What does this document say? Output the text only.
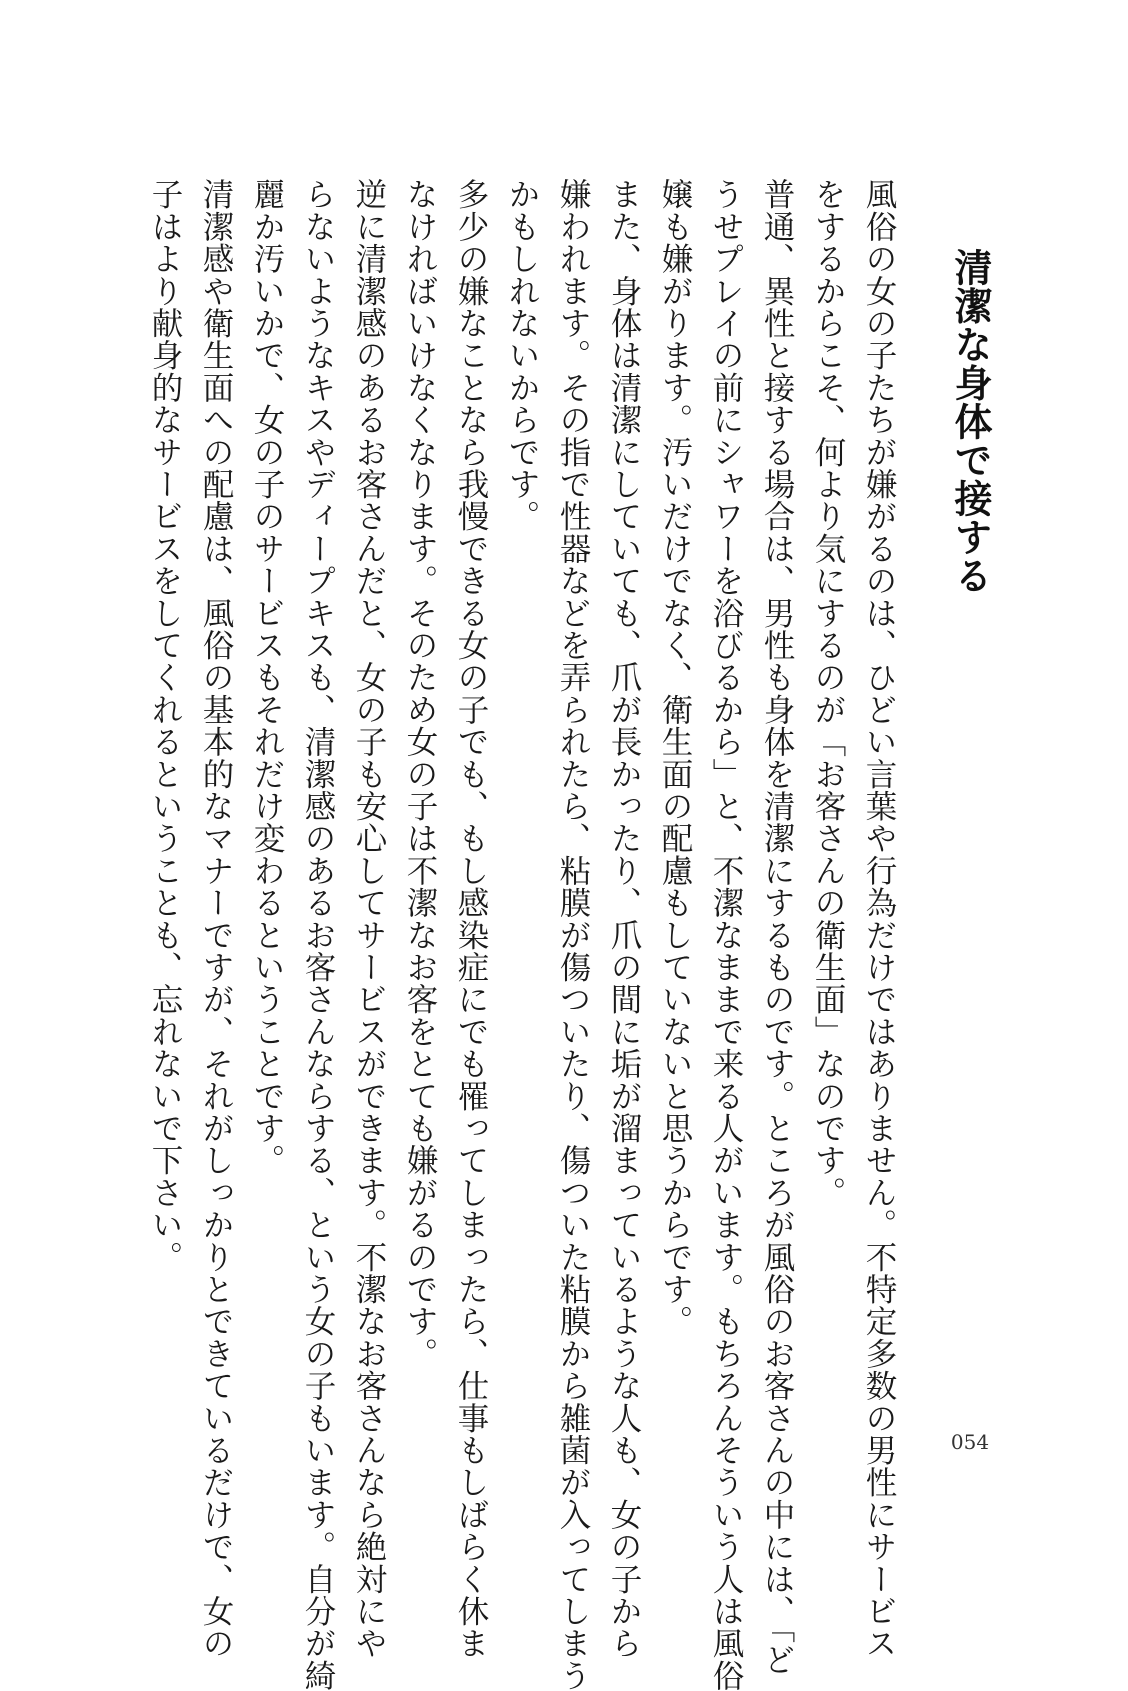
清潔な身体で接する
風俗の女の子たちが嫌がるのは、ひどい言葉や行為だけではありません。不特定多数の男性にサービス
をするからこそ、何より気にするのが「お客さんの衛生面」なのです。
普通、異性と接する場合は、男性も身体を清潔にするものです。ところが風俗のお客さんの中には、「ど
うせプレイの前にシャワーを浴びるから」と、不潔なままで来る人がいます。もちろんそういう人は風俗
嬢も嫌がります。汚いだけでなく、衛生面の配慮もしていないと思うからです。
また、身体は清潔にしていても、爪が長かったり、爪の間に垢が溜まっているような人も、女の子から
嫌われます。その指で性器などを弄られたら、粘膜が傷ついたり、傷ついた粘膜から雑菌が入ってしまう
かもしれないからです。
多少の嫌なことなら我慢できる女の子でも、もし感染症にでも罹ってしまったら、仕事もしばらく休ま
なければいけなくなります。そのため女の子は不潔なお客をとても嫌がるのです。
逆に清潔感のあるお客さんだと、女の子も安心してサービスができます。不潔なお客さんなら絶対にや
らないようなキスやディープキスも、清潔感のあるお客さんならする、という女の子もいます。自分が綺
麗か汚いかで、女の子のサービスもそれだけ変わるということです。
清潔感や衛生面への配慮は、風俗の基本的なマナーですが、それがしっかりとできているだけで、女の
子はより献身的なサービスをしてくれるということも、忘れないで下さい。
054
